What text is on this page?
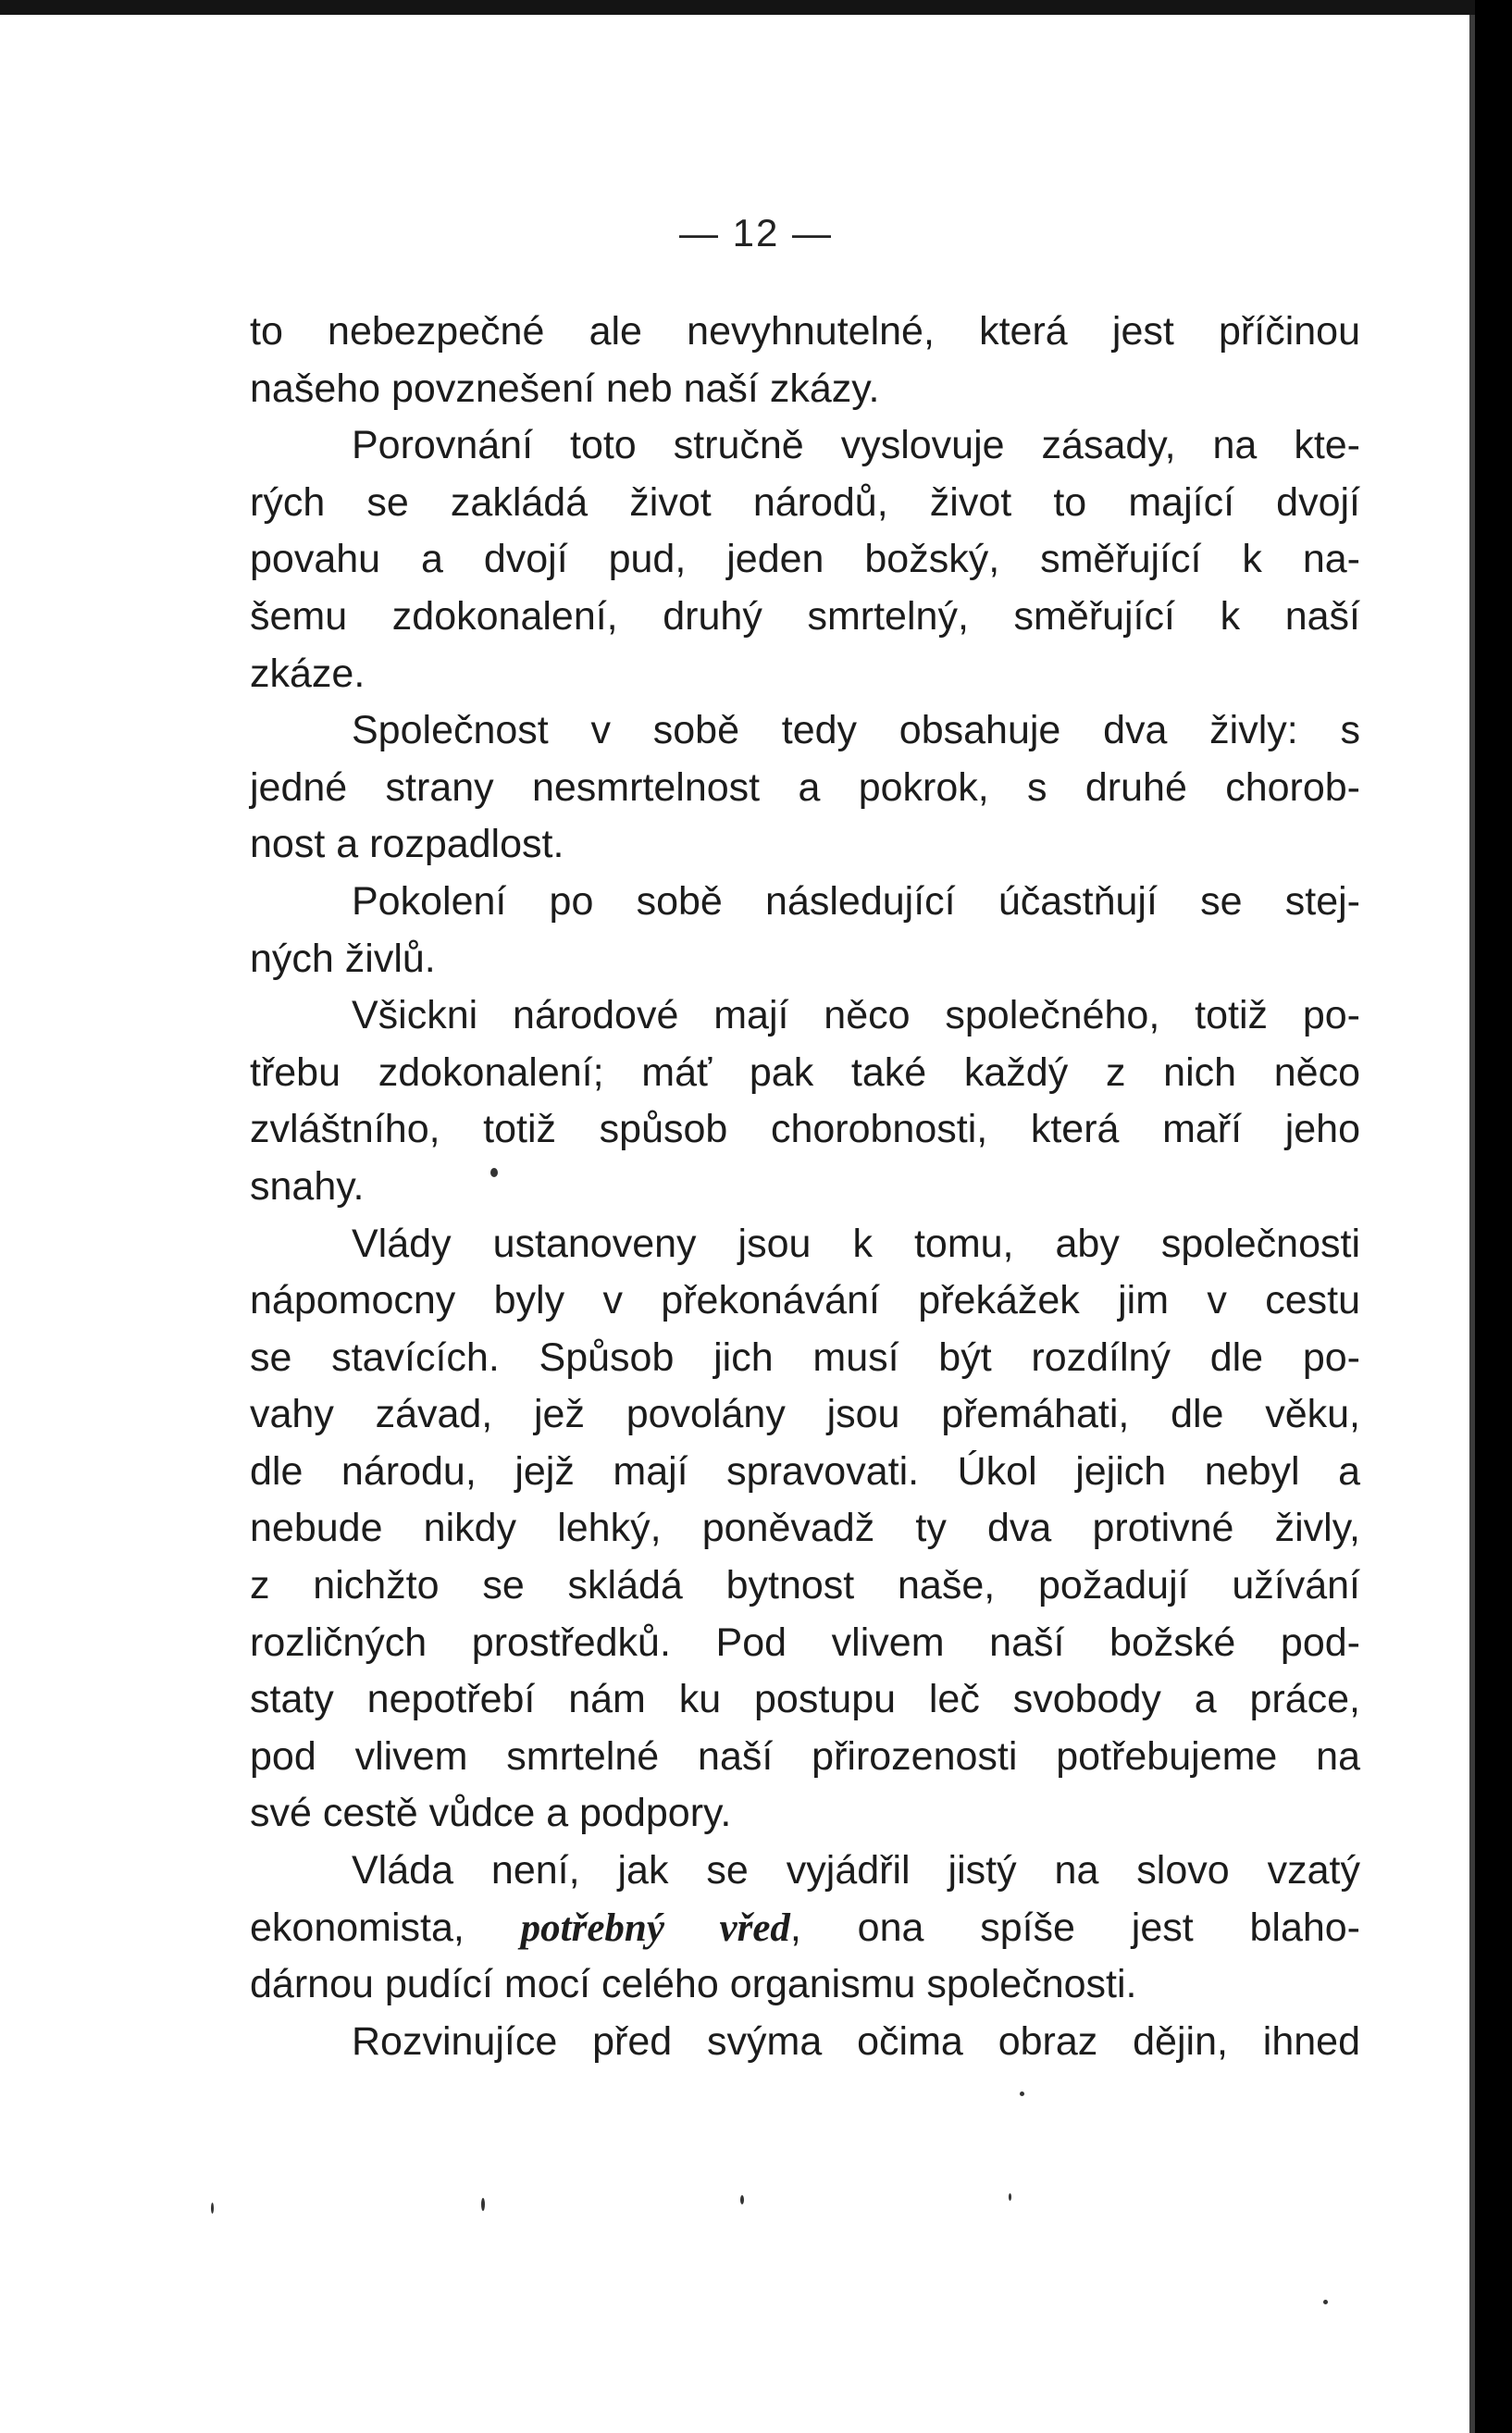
— 12 —
to nebezpečné ale nevyhnutelné, která jest příčinou
našeho povznešení neb naší zkázy.
Porovnání toto stručně vyslovuje zásady, na kte-
rých se zakládá život národů, život to mající dvojí
povahu a dvojí pud, jeden božský, směřující k na-
šemu zdokonalení, druhý smrtelný, směřující k naší
zkáze.
Společnost v sobě tedy obsahuje dva živly: s
jedné strany nesmrtelnost a pokrok, s druhé chorob-
nost a rozpadlost.
Pokolení po sobě následující účastňují se stej-
ných živlů.
Všickni národové mají něco společného, totiž po-
třebu zdokonalení; máť pak také každý z nich něco
zvláštního, totiž spůsob chorobnosti, která maří jeho
snahy.
Vlády ustanoveny jsou k tomu, aby společnosti
nápomocny byly v překonávání překážek jim v cestu
se stavících. Spůsob jich musí být rozdílný dle po-
vahy závad, jež povolány jsou přemáhati, dle věku,
dle národu, jejž mají spravovati. Úkol jejich nebyl a
nebude nikdy lehký, poněvadž ty dva protivné živly,
z nichžto se skládá bytnost naše, požadují užívání
rozličných prostředků. Pod vlivem naší božské pod-
staty nepotřebí nám ku postupu leč svobody a práce,
pod vlivem smrtelné naší přirozenosti potřebujeme na
své cestě vůdce a podpory.
Vláda není, jak se vyjádřil jistý na slovo vzatý
ekonomista, potřebný vřed, ona spíše jest blaho-
dárnou pudící mocí celého organismu společnosti.
Rozvinujíce před svýma očima obraz dějin, ihned
